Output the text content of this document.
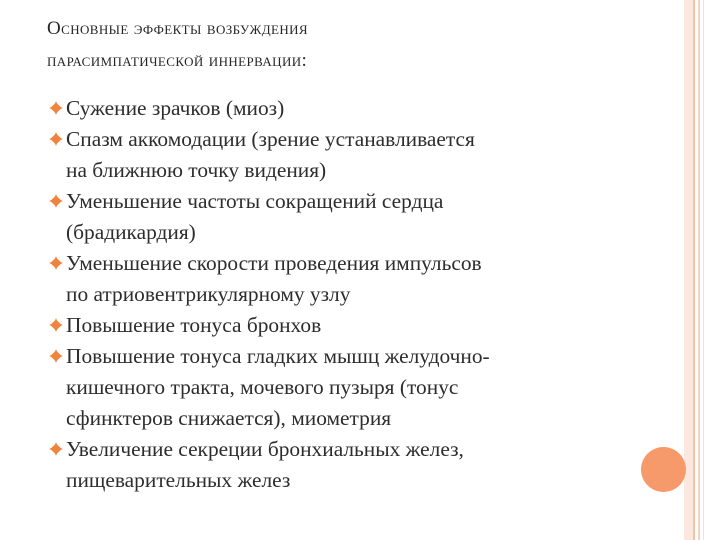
Основные эффекты возбуждения
парасимпатической иннервации:
Сужение зрачков (миоз)
Спазм аккомодации (зрение устанавливается
на ближнюю точку видения)
Уменьшение частоты сокращений сердца
(брадикардия)
Уменьшение скорости проведения импульсов
по атриовентрикулярному узлу
Повышение тонуса бронхов
Повышение тонуса гладких мышц желудочно-
кишечного тракта, мочевого пузыря (тонус
сфинктеров снижается), миометрия
Увеличение секреции бронхиальных желез,
пищеварительных желез
